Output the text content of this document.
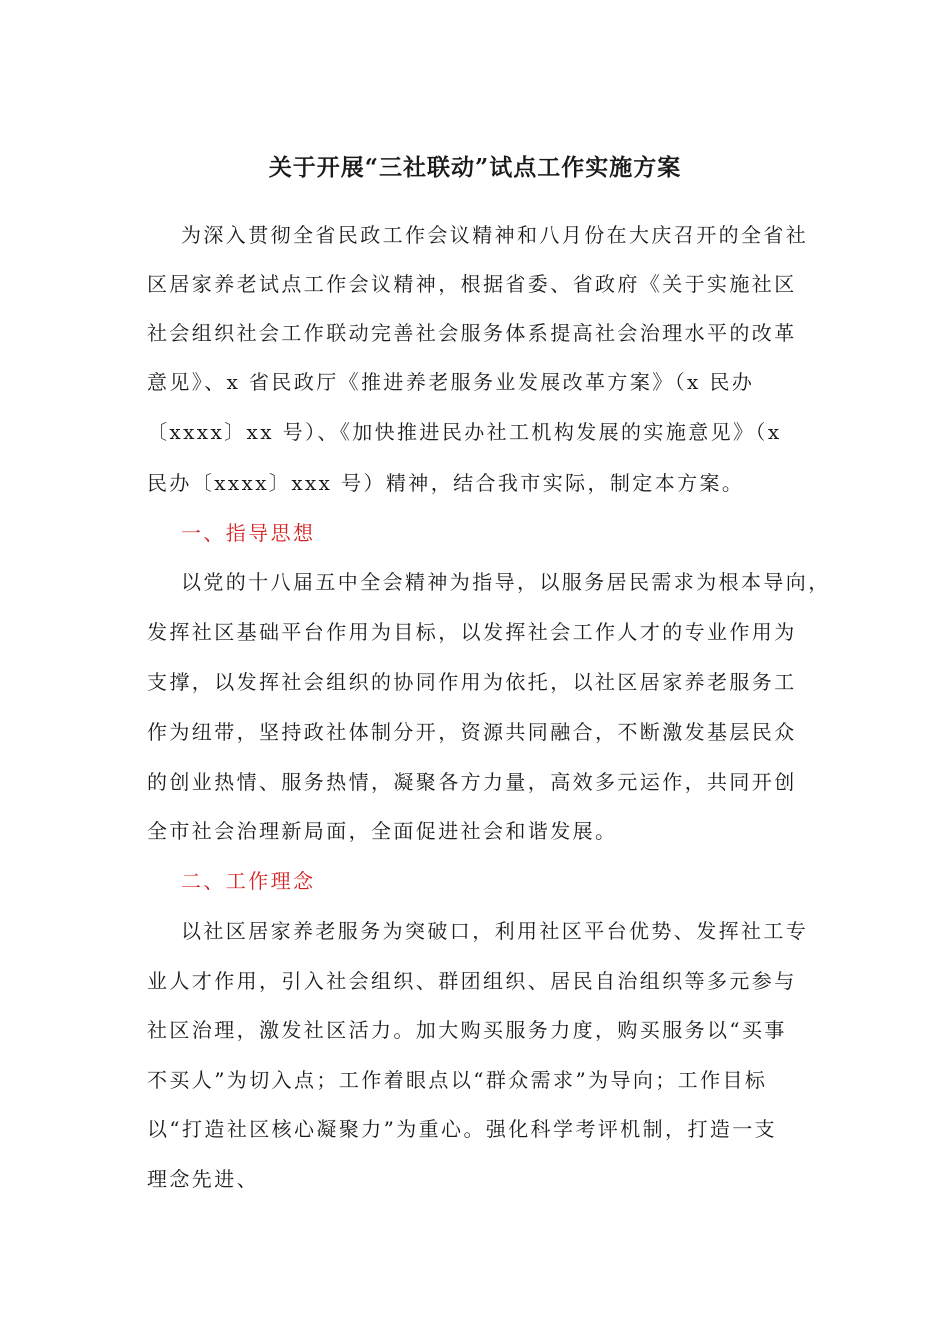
关于开展“三社联动”试点工作实施方案

为深入贯彻全省民政工作会议精神和八月份在大庆召开的全省社

区居家养老试点工作会议精神，根据省委、省政府《关于实施社区

社会组织社会工作联动完善社会服务体系提高社会治理水平的改革

意见》、x 省民政厅《推进养老服务业发展改革方案》（x 民办

〔xxxx〕xx 号）、《加快推进民办社工机构发展的实施意见》（x

民办〔xxxx〕xxx 号）精神，结合我市实际，制定本方案。

一、指导思想

以党的十八届五中全会精神为指导，以服务居民需求为根本导向，

发挥社区基础平台作用为目标，以发挥社会工作人才的专业作用为

支撑，以发挥社会组织的协同作用为依托，以社区居家养老服务工

作为纽带，坚持政社体制分开，资源共同融合，不断激发基层民众

的创业热情、服务热情，凝聚各方力量，高效多元运作，共同开创

全市社会治理新局面，全面促进社会和谐发展。

二、工作理念

以社区居家养老服务为突破口，利用社区平台优势、发挥社工专

业人才作用，引入社会组织、群团组织、居民自治组织等多元参与

社区治理，激发社区活力。加大购买服务力度，购买服务以“买事

不买人”为切入点；工作着眼点以“群众需求”为导向；工作目标

以“打造社区核心凝聚力”为重心。强化科学考评机制，打造一支

理念先进、
